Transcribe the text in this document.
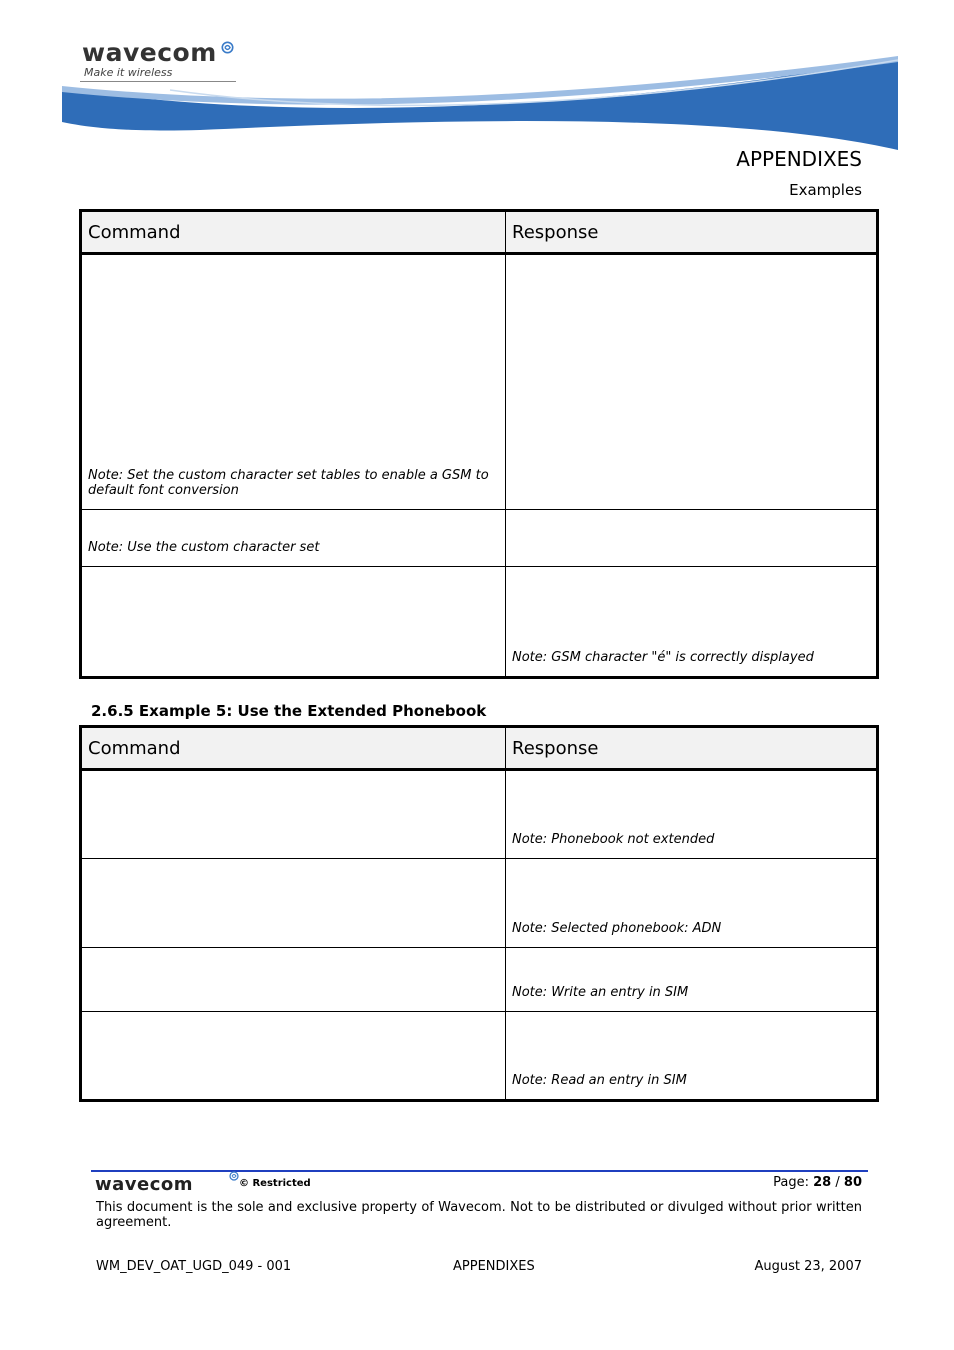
wavecom
Make it wireless
APPENDIXES
Examples
Command	Response
Note: Set the custom character set tables to enable a GSM to default font conversion	
Note: Use the custom character set	
	Note: GSM character "é" is correctly displayed
2.6.5 Example 5: Use the Extended Phonebook
Command	Response
	Note: Phonebook not extended
	Note: Selected phonebook: ADN
	Note: Write an entry in SIM
	Note: Read an entry in SIM
wavecom	© Restricted	Page: 28 / 80
This document is the sole and exclusive property of Wavecom. Not to be distributed or divulged without prior written agreement.
WM_DEV_OAT_UGD_049 - 001	APPENDIXES	August 23, 2007
